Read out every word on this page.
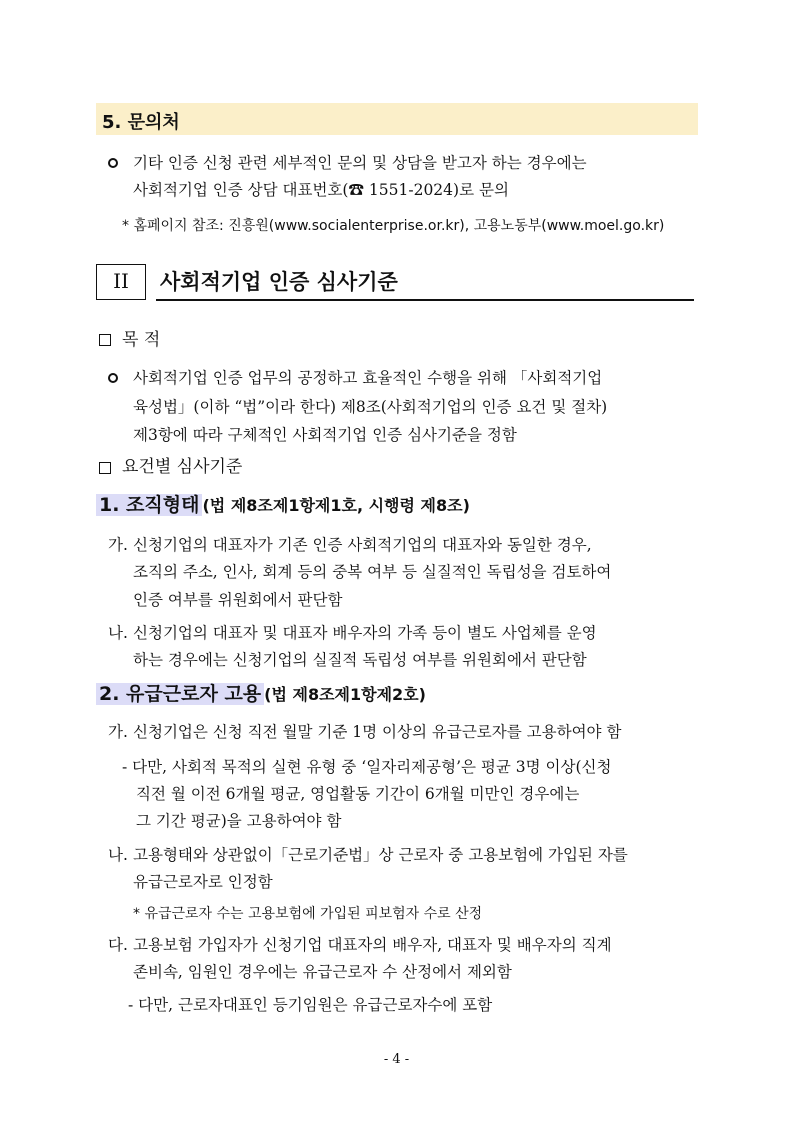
5. 문의처
기타 인증 신청 관련 세부적인 문의 및 상담을 받고자 하는 경우에는
사회적기업 인증 상담 대표번호(☎ 1551-2024)로 문의
* 홈페이지 참조: 진흥원(www.socialenterprise.or.kr), 고용노동부(www.moel.go.kr)
II	사회적기업 인증 심사기준
목 적
사회적기업 인증 업무의 공정하고 효율적인 수행을 위해 「사회적기업
육성법」(이하 “법”이라 한다) 제8조(사회적기업의 인증 요건 및 절차)
제3항에 따라 구체적인 사회적기업 인증 심사기준을 정함
요건별 심사기준
1. 조직형태 (법 제8조제1항제1호, 시행령 제8조)
가. 신청기업의 대표자가 기존 인증 사회적기업의 대표자와 동일한 경우,
조직의 주소, 인사, 회계 등의 중복 여부 등 실질적인 독립성을 검토하여
인증 여부를 위원회에서 판단함
나. 신청기업의 대표자 및 대표자 배우자의 가족 등이 별도 사업체를 운영
하는 경우에는 신청기업의 실질적 독립성 여부를 위원회에서 판단함
2. 유급근로자 고용 (법 제8조제1항제2호)
가. 신청기업은 신청 직전 월말 기준 1명 이상의 유급근로자를 고용하여야 함
- 다만, 사회적 목적의 실현 유형 중 ‘일자리제공형’은 평균 3명 이상(신청
직전 월 이전 6개월 평균, 영업활동 기간이 6개월 미만인 경우에는
그 기간 평균)을 고용하여야 함
나. 고용형태와 상관없이「근로기준법」상 근로자 중 고용보험에 가입된 자를
유급근로자로 인정함
* 유급근로자 수는 고용보험에 가입된 피보험자 수로 산정
다. 고용보험 가입자가 신청기업 대표자의 배우자, 대표자 및 배우자의 직계
존비속, 임원인 경우에는 유급근로자 수 산정에서 제외함
- 다만, 근로자대표인 등기임원은 유급근로자수에 포함
- 4 -
